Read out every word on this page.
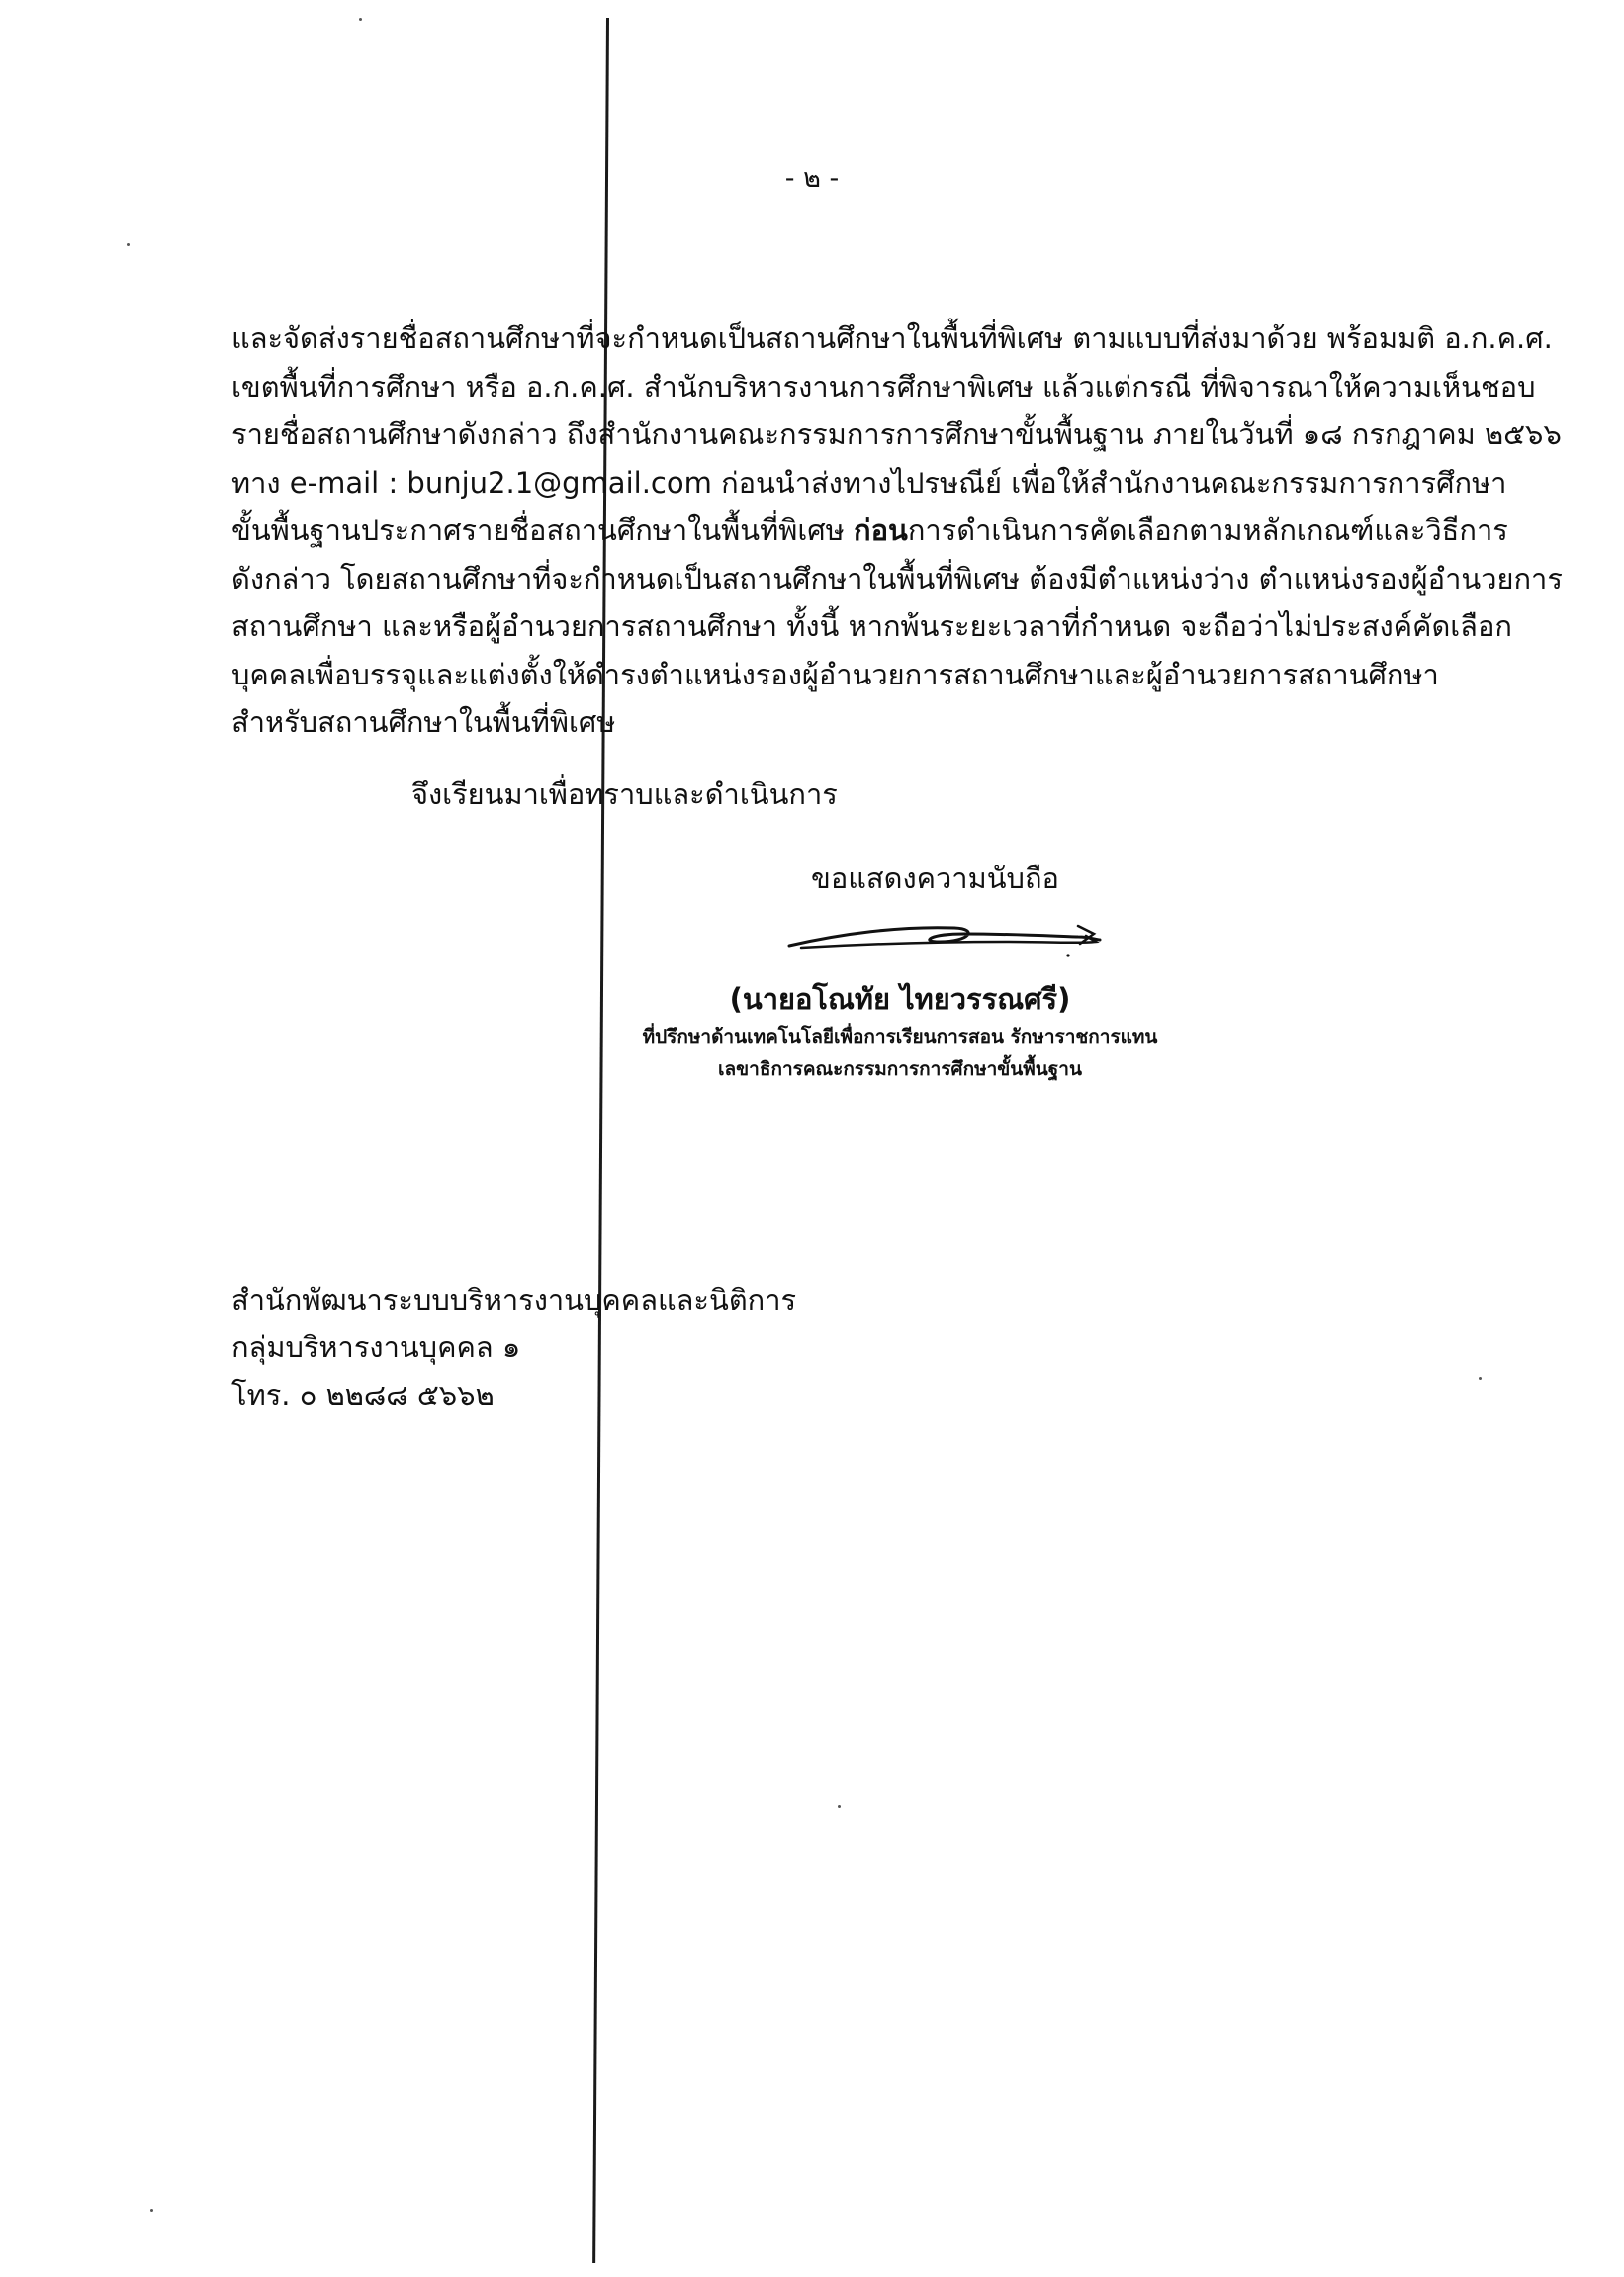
- ๒ -
และจัดส่งรายชื่อสถานศึกษาที่จะกำหนดเป็นสถานศึกษาในพื้นที่พิเศษ ตามแบบที่ส่งมาด้วย พร้อมมติ อ.ก.ค.ศ.
เขตพื้นที่การศึกษา หรือ อ.ก.ค.ศ. สำนักบริหารงานการศึกษาพิเศษ แล้วแต่กรณี ที่พิจารณาให้ความเห็นชอบ
รายชื่อสถานศึกษาดังกล่าว ถึงสำนักงานคณะกรรมการการศึกษาขั้นพื้นฐาน ภายในวันที่ ๑๘ กรกฎาคม ๒๕๖๖
ทาง e-mail : bunju2.1@gmail.com ก่อนนำส่งทางไปรษณีย์ เพื่อให้สำนักงานคณะกรรมการการศึกษา
ขั้นพื้นฐานประกาศรายชื่อสถานศึกษาในพื้นที่พิเศษ ก่อนการดำเนินการคัดเลือกตามหลักเกณฑ์และวิธีการ
ดังกล่าว โดยสถานศึกษาที่จะกำหนดเป็นสถานศึกษาในพื้นที่พิเศษ ต้องมีตำแหน่งว่าง ตำแหน่งรองผู้อำนวยการ
สถานศึกษา และหรือผู้อำนวยการสถานศึกษา ทั้งนี้ หากพ้นระยะเวลาที่กำหนด จะถือว่าไม่ประสงค์คัดเลือก
บุคคลเพื่อบรรจุและแต่งตั้งให้ดำรงตำแหน่งรองผู้อำนวยการสถานศึกษาและผู้อำนวยการสถานศึกษา
สำหรับสถานศึกษาในพื้นที่พิเศษ
จึงเรียนมาเพื่อทราบและดำเนินการ
ขอแสดงความนับถือ
(นายอโณทัย ไทยวรรณศรี)
ที่ปรึกษาด้านเทคโนโลยีเพื่อการเรียนการสอน รักษาราชการแทน
เลขาธิการคณะกรรมการการศึกษาขั้นพื้นฐาน
สำนักพัฒนาระบบบริหารงานบุคคลและนิติการ
กลุ่มบริหารงานบุคคล ๑
โทร. ๐ ๒๒๘๘ ๕๖๖๒
